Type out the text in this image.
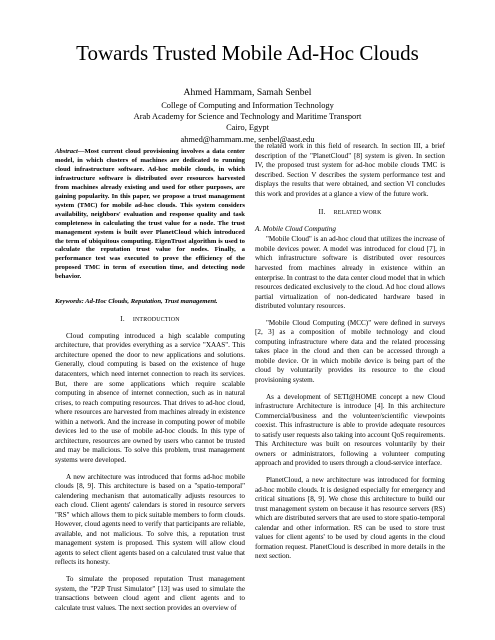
Towards Trusted Mobile Ad-Hoc Clouds
Ahmed Hammam, Samah Senbel
College of Computing and Information Technology
Arab Academy for Science and Technology and Maritime Transport
Cairo, Egypt
ahmed@hammam.me, senbel@aast.edu
Abstract—Most current cloud provisioning involves a data center model, in which clusters of machines are dedicated to running cloud infrastructure software. Ad-hoc mobile clouds, in which infrastructure software is distributed over resources harvested from machines already existing and used for other purposes, are gaining popularity. In this paper, we propose a trust management system (TMC) for mobile ad-hoc clouds. This system considers availability, neighbors' evaluation and response quality and task completeness in calculating the trust value for a node. The trust management system is built over PlanetCloud which introduced the term of ubiquitous computing. EigenTrust algorithm is used to calculate the reputation trust value for nodes. Finally, a performance test was executed to prove the efficiency of the proposed TMC in term of execution time, and detecting node behavior.
Keywords: Ad-Hoc Clouds, Reputation, Trust management.
I. INTRODUCTION

Cloud computing introduced a high scalable computing architecture, that provides everything as a service "XAAS". This architecture opened the door to new applications and solutions. Generally, cloud computing is based on the existence of huge datacenters, which need internet connection to reach its services. But, there are some applications which require scalable computing in absence of internet connection, such as in natural crises, to reach computing resources. That drives to ad-hoc cloud, where resources are harvested from machines already in existence within a network. And the increase in computing power of mobile devices led to the use of mobile ad-hoc clouds. In this type of architecture, resources are owned by users who cannot be trusted and may be malicious. To solve this problem, trust management systems were developed.

A new architecture was introduced that forms ad-hoc mobile clouds [8, 9]. This architecture is based on a "spatio-temporal" calendering mechanism that automatically adjusts resources to each cloud. Client agents' calendars is stored in resource servers "RS" which allows them to pick suitable members to form clouds. However, cloud agents need to verify that participants are reliable, available, and not malicious. To solve this, a reputation trust management system is proposed. This system will allow cloud agents to select client agents based on a calculated trust value that reflects its honesty.

To simulate the proposed reputation Trust management system, the "P2P Trust Simulator" [13] was used to simulate the transactions between cloud agent and client agents and to calculate trust values. The next section provides an overview of

the related work in this field of research. In section III, a brief description of the "PlanetCloud" [8] system is given. In section IV, the proposed trust system for ad-hoc mobile clouds TMC is described. Section V describes the system performance test and displays the results that were obtained, and section VI concludes this work and provides at a glance a view of the future work.

II. RELATED WORK
A. Mobile Cloud Computing

"Mobile Cloud" is an ad-hoc cloud that utilizes the increase of mobile devices power. A model was introduced for cloud [7], in which infrastructure software is distributed over resources harvested from machines already in existence within an enterprise. In contrast to the data center cloud model that in which resources dedicated exclusively to the cloud. Ad hoc cloud allows partial virtualization of non-dedicated hardware based in distributed voluntary resources.

"Mobile Cloud Computing (MCC)" were defined in surveys [2, 3] as a composition of mobile technology and cloud computing infrastructure where data and the related processing takes place in the cloud and then can be accessed through a mobile device. Or in which mobile device is being part of the cloud by voluntarily provides its resource to the cloud provisioning system.

As a development of SETI@HOME concept a new Cloud infrastructure Architecture is introduce [4]. In this architecture Commercial/business and the volunteer/scientific viewpoints coexist. This infrastructure is able to provide adequate resources to satisfy user requests also taking into account QoS requirements. This Architecture was built on resources voluntarily by their owners or administrators, following a volunteer computing approach and provided to users through a cloud-service interface.

PlanetCloud, a new architecture was introduced for forming ad-hoc mobile clouds. It is designed especially for emergency and critical situations [8, 9]. We chose this architecture to build our trust management system on because it has resource servers (RS) which are distributed servers that are used to store spatio-temporal calendar and other information. RS can be used to store trust values for client agents' to be used by cloud agents in the cloud formation request. PlanetCloud is described in more details in the next section.
